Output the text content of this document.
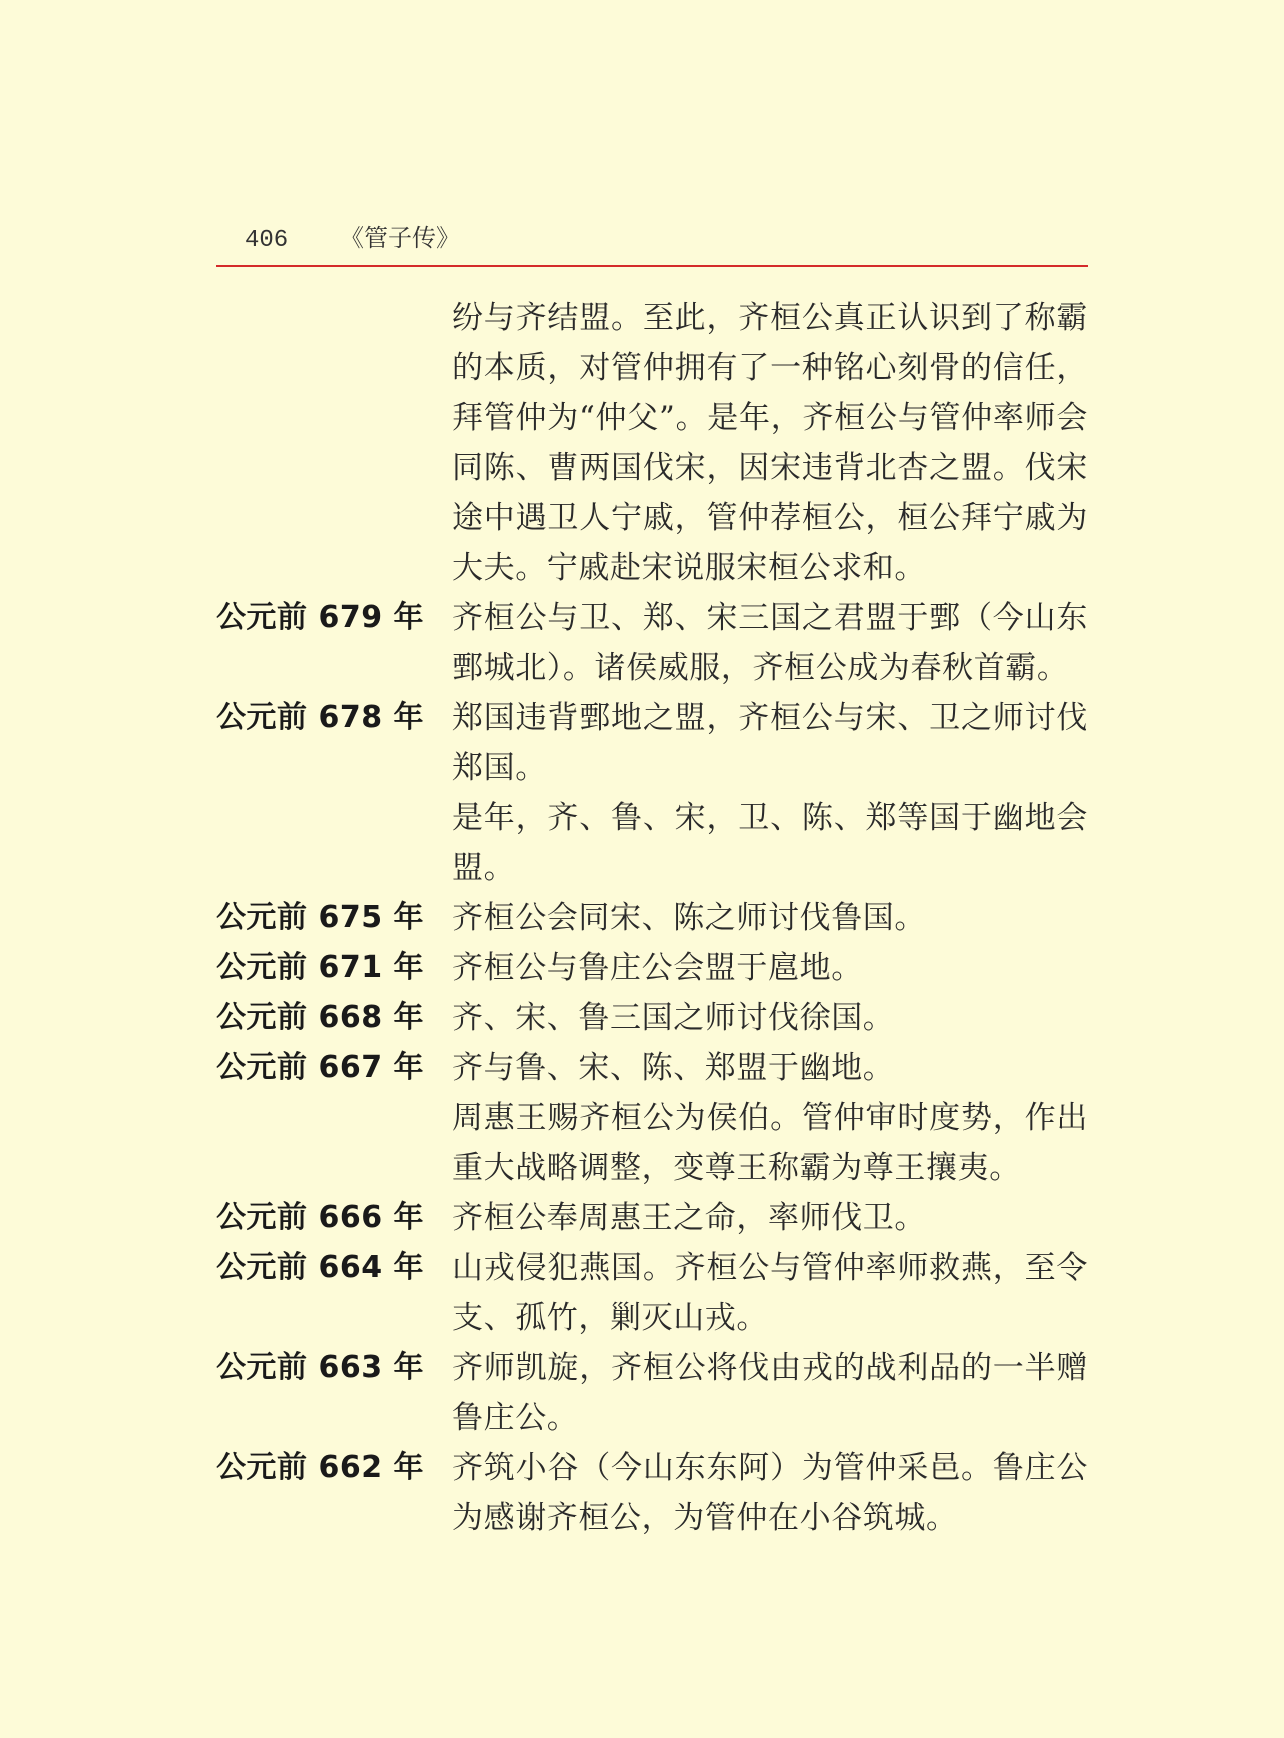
406 《管子传》
纷与齐结盟。至此，齐桓公真正认识到了称霸的本质，对管仲拥有了一种铭心刻骨的信任，拜管仲为“仲父”。是年，齐桓公与管仲率师会同陈、曹两国伐宋，因宋违背北杏之盟。伐宋途中遇卫人宁戚，管仲荐桓公，桓公拜宁戚为大夫。宁戚赴宋说服宋桓公求和。
公元前 679 年 齐桓公与卫、郑、宋三国之君盟于鄄（今山东鄄城北）。诸侯威服，齐桓公成为春秋首霸。
公元前 678 年 郑国违背鄄地之盟，齐桓公与宋、卫之师讨伐郑国。
是年，齐、鲁、宋，卫、陈、郑等国于幽地会盟。
公元前 675 年 齐桓公会同宋、陈之师讨伐鲁国。
公元前 671 年 齐桓公与鲁庄公会盟于扈地。
公元前 668 年 齐、宋、鲁三国之师讨伐徐国。
公元前 667 年 齐与鲁、宋、陈、郑盟于幽地。
周惠王赐齐桓公为侯伯。管仲审时度势，作出重大战略调整，变尊王称霸为尊王攘夷。
公元前 666 年 齐桓公奉周惠王之命，率师伐卫。
公元前 664 年 山戎侵犯燕国。齐桓公与管仲率师救燕，至令支、孤竹，剿灭山戎。
公元前 663 年 齐师凯旋，齐桓公将伐由戎的战利品的一半赠鲁庄公。
公元前 662 年 齐筑小谷（今山东东阿）为管仲采邑。鲁庄公为感谢齐桓公，为管仲在小谷筑城。
